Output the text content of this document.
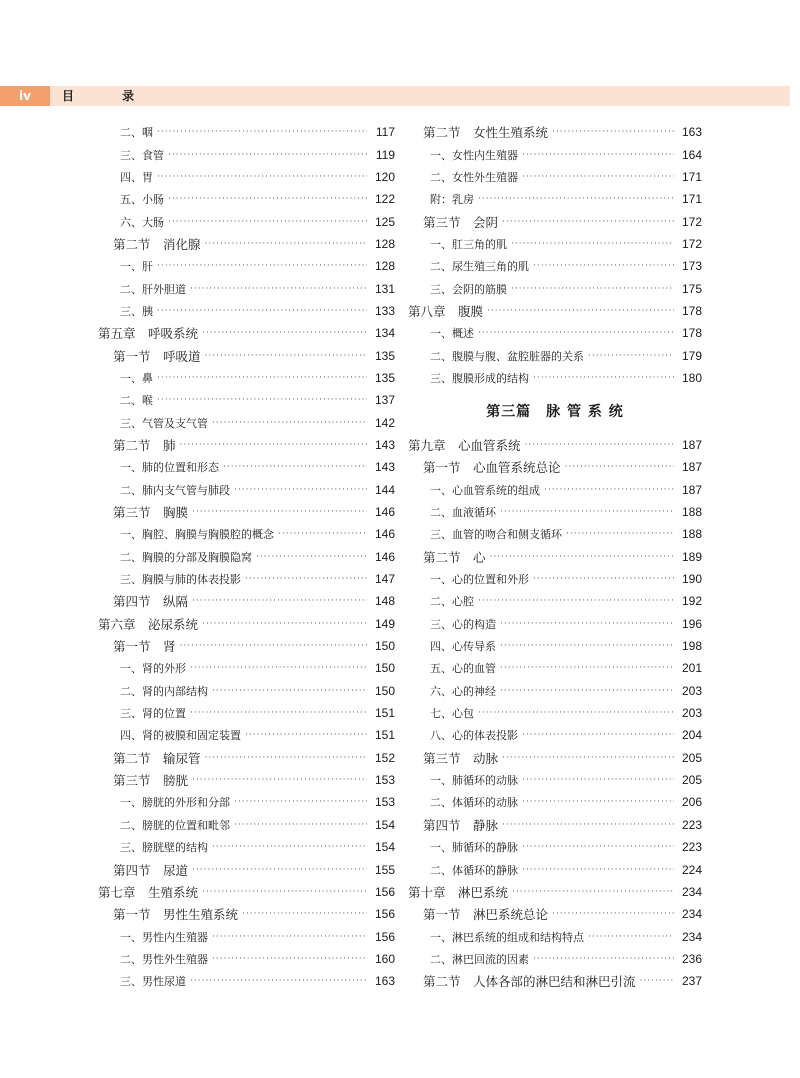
iv	目 录
二、咽 ·····	117
三、食管 ·····	119
四、胃 ·····	120
五、小肠 ·····	122
六、大肠 ·····	125
第二节　消化腺 ·····	128
一、肝 ·····	128
二、肝外胆道 ·····	131
三、胰 ·····	133
第五章　呼吸系统 ·····	134
第一节　呼吸道 ·····	135
一、鼻 ·····	135
二、喉 ·····	137
三、气管及支气管 ·····	142
第二节　肺 ·····	143
一、肺的位置和形态 ·····	143
二、肺内支气管与肺段 ·····	144
第三节　胸膜 ·····	146
一、胸腔、胸膜与胸膜腔的概念 ·····	146
二、胸膜的分部及胸膜隐窝 ·····	146
三、胸膜与肺的体表投影 ·····	147
第四节　纵隔 ·····	148
第六章　泌尿系统 ·····	149
第一节　肾 ·····	150
一、肾的外形 ·····	150
二、肾的内部结构 ·····	150
三、肾的位置 ·····	151
四、肾的被膜和固定装置 ·····	151
第二节　输尿管 ·····	152
第三节　膀胱 ·····	153
一、膀胱的外形和分部 ·····	153
二、膀胱的位置和毗邻 ·····	154
三、膀胱壁的结构 ·····	154
第四节　尿道 ·····	155
第七章　生殖系统 ·····	156
第一节　男性生殖系统 ·····	156
一、男性内生殖器 ·····	156
二、男性外生殖器 ·····	160
三、男性尿道 ·····	163
第二节　女性生殖系统 ·····	163
一、女性内生殖器 ·····	164
二、女性外生殖器 ·····	171
附：乳房 ·····	171
第三节　会阴 ·····	172
一、肛三角的肌 ·····	172
二、尿生殖三角的肌 ·····	173
三、会阴的筋膜 ·····	175
第八章　腹膜 ·····	178
一、概述 ·····	178
二、腹膜与腹、盆腔脏器的关系 ·····	179
三、腹膜形成的结构 ·····	180
第三篇　脉 管 系 统
第九章　心血管系统 ·····	187
第一节　心血管系统总论 ·····	187
一、心血管系统的组成 ·····	187
二、血液循环 ·····	188
三、血管的吻合和侧支循环 ·····	188
第二节　心 ·····	189
一、心的位置和外形 ·····	190
二、心腔 ·····	192
三、心的构造 ·····	196
四、心传导系 ·····	198
五、心的血管 ·····	201
六、心的神经 ·····	203
七、心包 ·····	203
八、心的体表投影 ·····	204
第三节　动脉 ·····	205
一、肺循环的动脉 ·····	205
二、体循环的动脉 ·····	206
第四节　静脉 ·····	223
一、肺循环的静脉 ·····	223
二、体循环的静脉 ·····	224
第十章　淋巴系统 ·····	234
第一节　淋巴系统总论 ·····	234
一、淋巴系统的组成和结构特点 ·····	234
二、淋巴回流的因素 ·····	236
第二节　人体各部的淋巴结和淋巴引流 ·····	237
